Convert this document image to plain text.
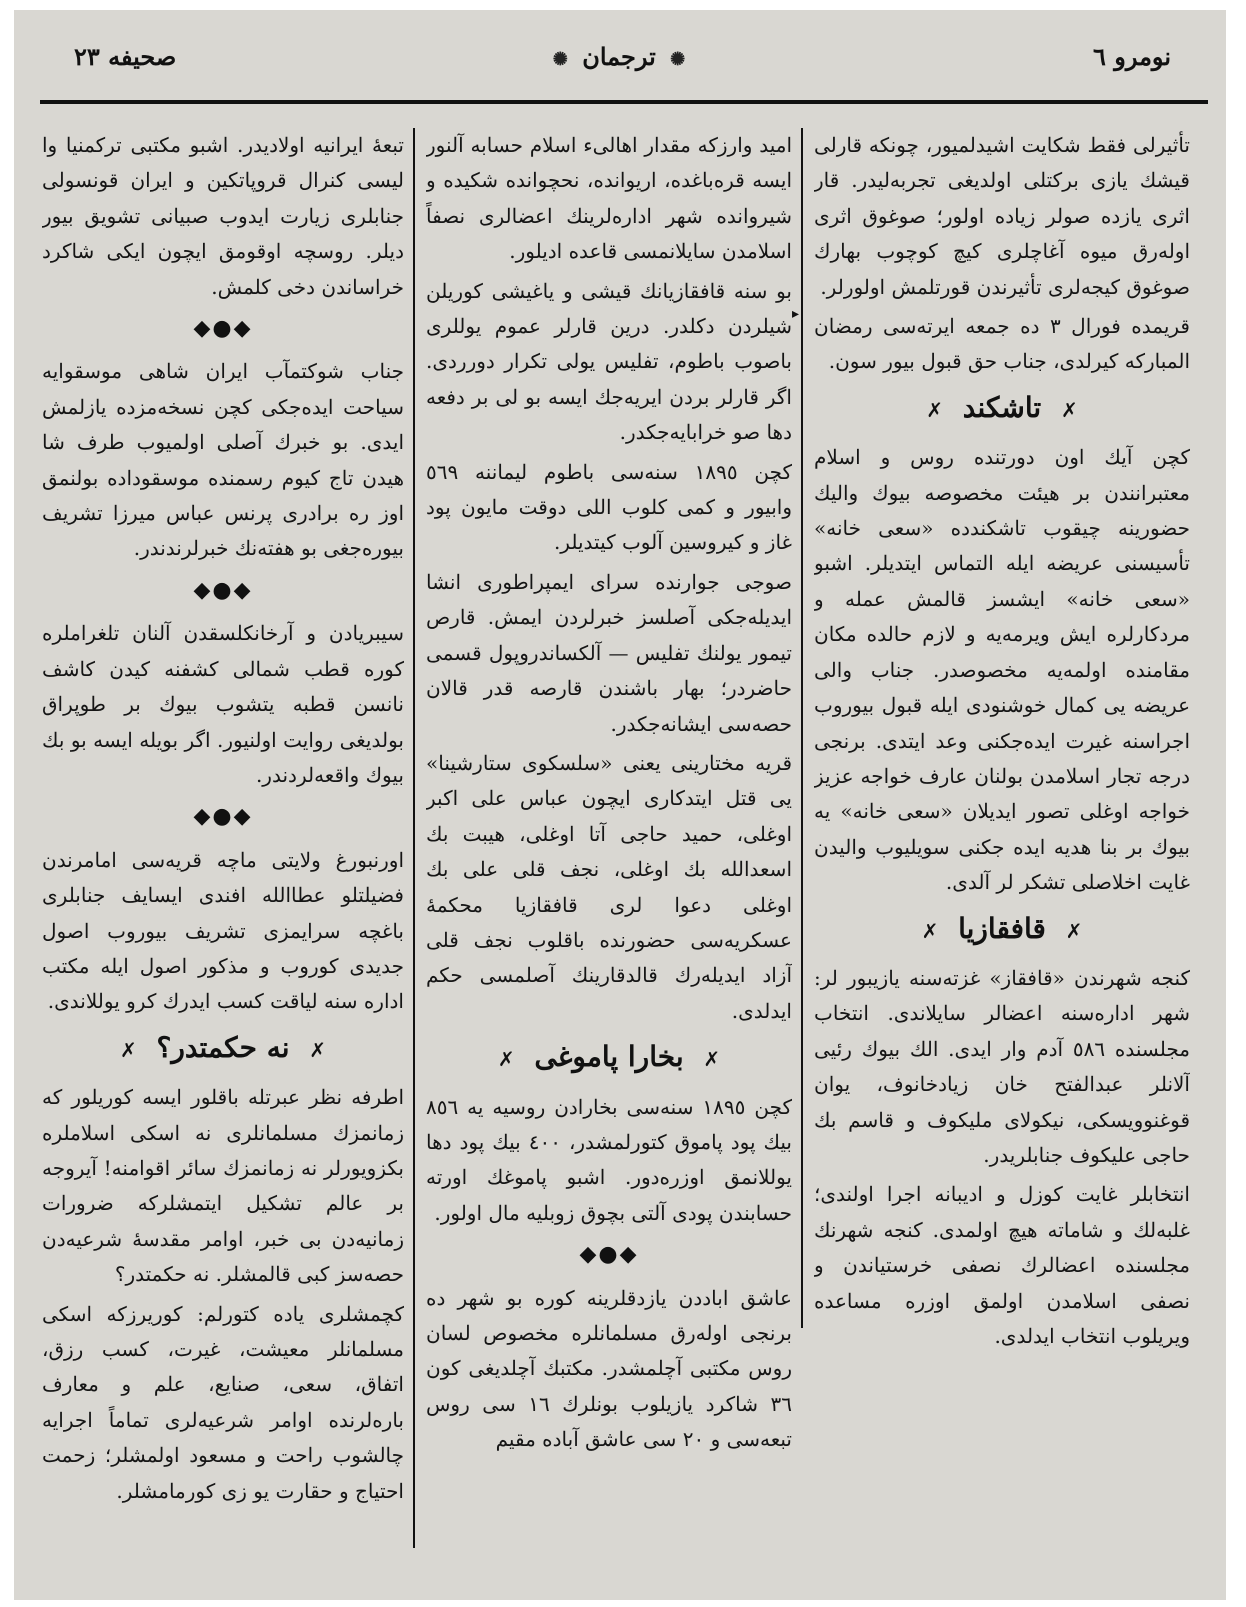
نومرو ٦
✺ ترجمان ✺
صحيفه ٢٣
▸

تأثيرلی فقط شكايت اشيدلميور، چونكه قار‌لی قيشك يازی بركتلی اولديغی تجربه‌ليدر. قار اثری يازده صولر زياده اولور؛ صوغوق اثری اوله‌رق ميوه آغاچلری كيچ كوچوب بهارك صوغوق كيجه‌لری تأثيرندن قورتلمش اولورلر.

قريمده فورال ٣ ده جمعه ايرته‌سی رمضان المباركه كيرلدی، جناب حق قبول بيور سون.

✗ تاشكند ✗

كچن آيك اون دورتنده روس و اسلام معتبرانندن بر هيئت مخصوصه بيوك واليك حضورينه چيقوب تاشكندده «سعی خانه» تأسيسنی عريضه ايله التماس ايتديلر. اشبو «سعی خانه» ايشسز قالمش عمله و مردكار‌لره ايش ويرمه‌يه و لازم حالده مكان مقا‌منده اولمه‌يه مخصوصدر. جناب والی عريضه يی كمال خوشنودی ايله قبول بيوروب اجراسنه غيرت ايده‌جكنی وعد ايتدی. بر‌نجی درجه تجار اسلامدن بولنان عارف خواجه عزيز خواجه اوغلی تصور ايديلان «سعی خانه» يه بيوك بر بنا هديه ايده جكنی سويليوب واليدن غايت اخلاصلی تشكر لر آلدی.

✗ قافقازيا ✗

كنجه شهرندن «قافقاز» غزته‌سنه يازيبور لر: شهر اداره‌سنه اعضالر سايلاندی. انتخاب مجلسنده ٥٨٦ آدم وار ايدی. الك بيوك رئيی آلانلر عبدالفتح خان زيادخانوف، يوان قوغنوويسكی، نيكولای مليكوف و قاسم بك حاجی عليكوف جنابلريدر.

انتخابلر غايت كوزل و اديبانه اجرا اولندی؛ غلبه‌لك و شاماته هيچ اولمدی. كنجه شهرنك مجلسنده اعضالرك نصفی خر‌ستياندن و نصفی اسلامدن اولمق اوزره مساعده ويريلوب انتخاب ايدلدی.

اميد وارزكه مقدار اهالیء اسلام حسابه آلنور ايسه قره‌باغده، اريوانده، نحچوانده شكيده و شيروانده شهر اداره‌لرينك اعضالری نصفاً اسلامدن سايلانمسی قاعده اديلور.

بو سنه قافقازيانك قيشی و ياغيشی كو‌ريلن شيلردن دكلدر. درين قارلر عموم يو‌للری باصوب باطوم، تفليس يولی تكرار دورردی. اگر قارلر بردن ايريه‌جك ايسه بو لی بر دفعه دها صو خرابايه‌جكدر.

كچن ١٨٩٥ سنه‌سی باطوم ليماننه ٥٦٩ وابيور و كمی كلوب اللی دوقت مايون پود غاز و كيروسين آلوب كيتديلر.

صوجی جوارنده سرای ايمپراطوری انشا ايديله‌جكی آصلسز خبرلردن ايمش. قارص تيمور يولنك تفليس — آلكساندروپول قسمی حاضردر؛ بهار باشندن قارصه قدر قالان حصه‌سی ايشانه‌جكدر.

قريه مختارينی يعنی «سلسكوی ستارشينا» يی قتل ايتدكاری ايچون عباس علی اكبر اوغلی، حميد حاجی آتا اوغلی، هيبت بك اسعدالله بك اوغلی، نجف قلی علی بك اوغلی دعوا لری قافقازيا محكمهٔ عسكريه‌سی حضورنده باقلوب نجف قلی آزاد ايديله‌رك قالدقارينك آصلمسی حكم ايدلدی.

✗ بخارا پاموغی ✗

كچن ١٨٩٥ سنه‌سی بخارادن روسيه يه ٨٥٦ بيك پود پاموق كتورلمشدر، ٤٠٠ بيك پود دها يوللانمق اوزره‌دور. اشبو پاموغك اورته حسابندن پودی آلتی بچوق زوبليه مال اولور.

◆●◆

عاشق اباددن يازدقلرينه كوره بو شهر ده برنجی اوله‌رق مسلمانلره مخصوص لسان روس مكتبی آچلمشدر. مكتبك آچلديغی كون ٣٦ شاكرد يازيلوب بونلرك ١٦ سی روس تبعه‌سی و ٢٠ سی عاشق آباده مقيم

تبعهٔ ايرانيه اولاديدر. اشبو مكتبی تركمنيا وا ليسی كنرال قروپاتكين و ايران قونسولی جنابلری زيارت ايدوب صبيانی تشويق بيور ديلر. روسچه اوقومق ايچون ايكی شاكرد خراساندن دخی كلمش.

◆●◆

جناب شوكتمآب ايران شاهی موسقوايه سياحت ايده‌جكی كچن نسخه‌مزده يازلمش ايدی. بو خبرك آصلی اولميوب طرف شا هيدن تاج كيوم رسمنده موسقوداده بولنمق اوز ره برادری پرنس عباس ميرزا تشريف بيو‌ره‌جغی بو هفته‌نك خبرلرندندر.

◆●◆

سيبريادن و آرخانكلسقدن آلنان تلغرا‌ملره كوره قطب شمالی كشفنه كيدن كاشف نانسن قطبه يتشوب بيوك بر طوپراق بو‌لديغی روايت اولنيور. اگر بويله ايسه بو بك بيوك واقعه‌لردندر.

◆●◆

اورنبورغ ولايتی ماچه قريه‌سی امامرندن فضيلتلو عطاالله افندی ايسايف جنابلری باغچه سرايمزی تشريف بيوروب اصول جديدی كوروب و مذكور اصول ايله مكتب اداره سنه لياقت كسب ايدرك كرو يوللاندی.

✗ نه حكمتدر؟ ✗

اطرفه نظر عبرتله باقلور ايسه كوريلور كه زمانمزك مسلمانلری نه اسكی اسلاملره بكزويورلر نه زمانمزك سائر اقوامنه! آيروجه بر عالم تشكيل ايتمشلركه ضرورات زمانيه‌دن بی خبر، اوامر مقدسهٔ شرعيه‌دن حصه‌سز كبی قالمشلر. نه حكمتدر؟

كچمشلری ياده كتورلم: كوريرزكه اسكی مسلمانلر معيشت، غيرت، كسب رزق، اتفاق، سعی، صنايع، علم و معارف باره‌لرنده اوامر شرعيه‌لری تماماً اجرايه چالشوب راحت و مسعود اولمشلر؛ زحمت احتياج و حقارت يو زی كورمامشلر.
